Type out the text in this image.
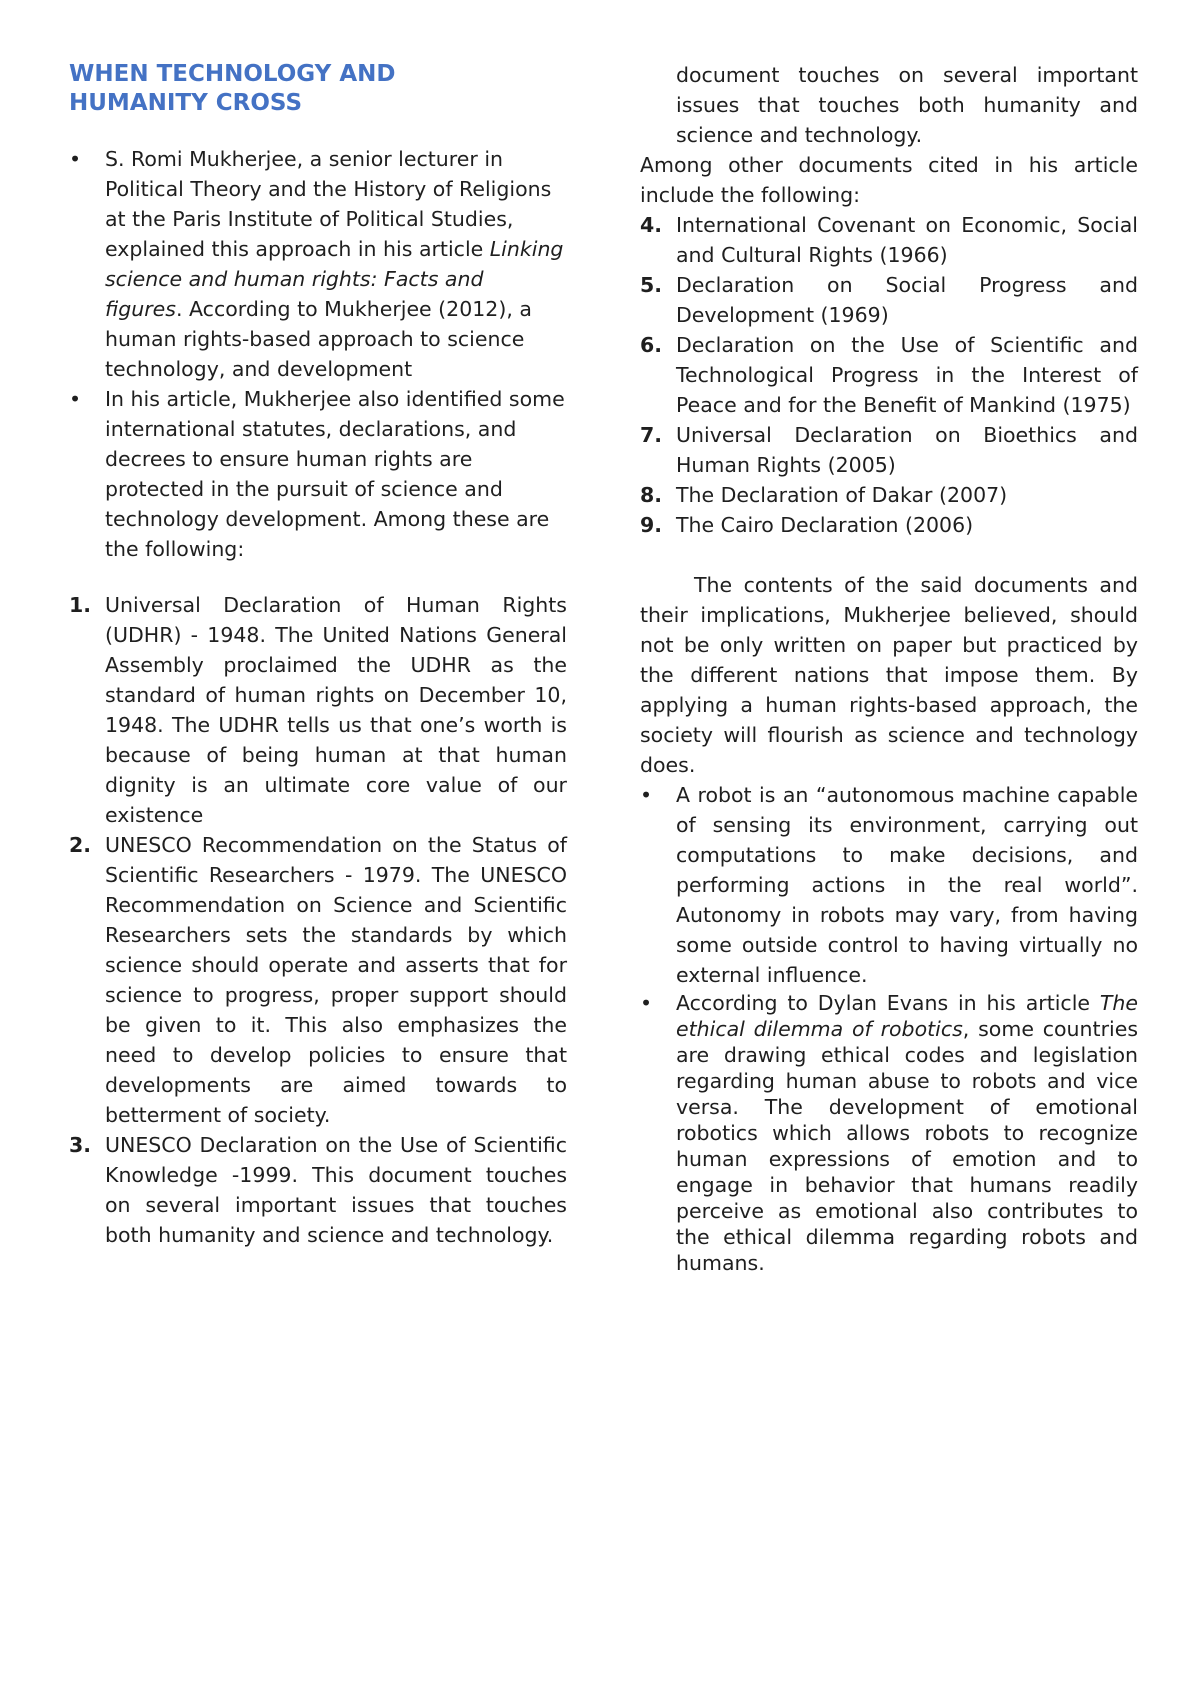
WHEN TECHNOLOGY AND
HUMANITY CROSS
• S. Romi Mukherjee, a senior lecturer in Political Theory and the History of Religions at the Paris Institute of Political Studies, explained this approach in his article Linking science and human rights: Facts and figures. According to Mukherjee (2012), a human rights-based approach to science technology, and development
• In his article, Mukherjee also identified some international statutes, declarations, and decrees to ensure human rights are protected in the pursuit of science and technology development. Among these are the following:
1. Universal Declaration of Human Rights (UDHR) - 1948. The United Nations General Assembly proclaimed the UDHR as the standard of human rights on December 10, 1948. The UDHR tells us that one’s worth is because of being human at that human dignity is an ultimate core value of our existence
2. UNESCO Recommendation on the Status of Scientific Researchers - 1979. The UNESCO Recommendation on Science and Scientific Researchers sets the standards by which science should operate and asserts that for science to progress, proper support should be given to it. This also emphasizes the need to develop policies to ensure that developments are aimed towards to betterment of society.
3. UNESCO Declaration on the Use of Scientific Knowledge -1999. This document touches on several important issues that touches both humanity and science and technology.

document touches on several important issues that touches both humanity and science and technology.

Among other documents cited in his article include the following:

4. International Covenant on Economic, Social and Cultural Rights (1966)
5. Declaration on Social Progress and Development (1969)
6. Declaration on the Use of Scientific and Technological Progress in the Interest of Peace and for the Benefit of Mankind (1975)
7. Universal Declaration on Bioethics and Human Rights (2005)
8. The Declaration of Dakar (2007)
9. The Cairo Declaration (2006)

The contents of the said documents and their implications, Mukherjee believed, should not be only written on paper but practiced by the different nations that impose them. By applying a human rights-based approach, the society will flourish as science and technology does.

• A robot is an “autonomous machine capable of sensing its environment, carrying out computations to make decisions, and performing actions in the real world”. Autonomy in robots may vary, from having some outside control to having virtually no external influence.
• According to Dylan Evans in his article The ethical dilemma of robotics, some countries are drawing ethical codes and legislation regarding human abuse to robots and vice versa. The development of emotional robotics which allows robots to recognize human expressions of emotion and to engage in behavior that humans readily perceive as emotional also contributes to the ethical dilemma regarding robots and humans.
